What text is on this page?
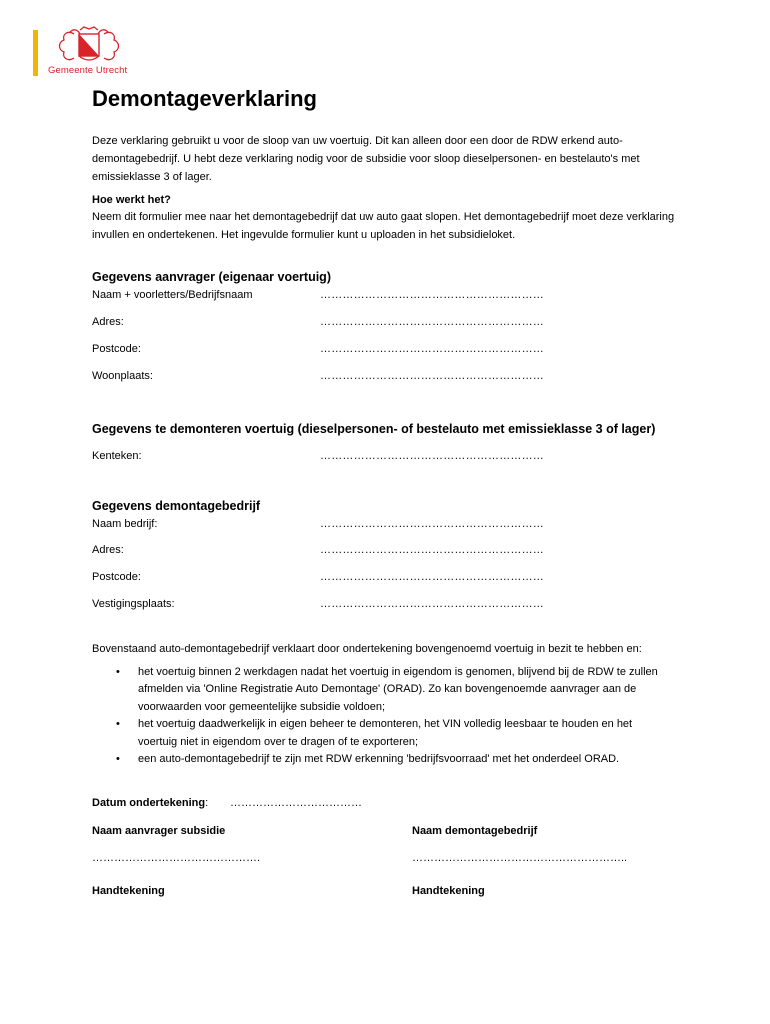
Gemeente Utrecht
Demontageverklaring
Deze verklaring gebruikt u voor de sloop van uw voertuig. Dit kan alleen door een door de RDW erkend auto-demontagebedrijf. U hebt deze verklaring nodig voor de subsidie voor sloop dieselpersonen- en bestelauto's met emissieklasse 3 of lager.
Hoe werkt het?
Neem dit formulier mee naar het demontagebedrijf dat uw auto gaat slopen. Het demontagebedrijf moet deze verklaring invullen en ondertekenen. Het ingevulde formulier kunt u uploaden in het subsidieloket.
Gegevens aanvrager (eigenaar voertuig)
Naam + voorletters/Bedrijfsnaam	……………………………………………………
Adres:	……………………………………………………
Postcode:	……………………………………………………
Woonplaats:	……………………………………………………
Gegevens te demonteren voertuig (dieselpersonen- of bestelauto met emissieklasse 3 of lager)
Kenteken:	……………………………………………………
Gegevens demontagebedrijf
Naam bedrijf:	……………………………………………………
Adres:	……………………………………………………
Postcode:	……………………………………………………
Vestigingsplaats:	……………………………………………………
Bovenstaand auto-demontagebedrijf verklaart door ondertekening bovengenoemd voertuig in bezit te hebben en:
• het voertuig binnen 2 werkdagen nadat het voertuig in eigendom is genomen, blijvend bij de RDW te zullen afmelden via 'Online Registratie Auto Demontage' (ORAD). Zo kan bovengenoemde aanvrager aan de voorwaarden voor gemeentelijke subsidie voldoen;
• het voertuig daadwerkelijk in eigen beheer te demonteren, het VIN volledig leesbaar te houden en het voertuig niet in eigendom over te dragen of te exporteren;
• een auto-demontagebedrijf te zijn met RDW erkenning 'bedrijfsvoorraad' met het onderdeel ORAD.
Datum ondertekening: ………………………………
Naam aanvrager subsidie	Naam demontagebedrijf
……………………………………….	…………………………………………………..
Handtekening	Handtekening
